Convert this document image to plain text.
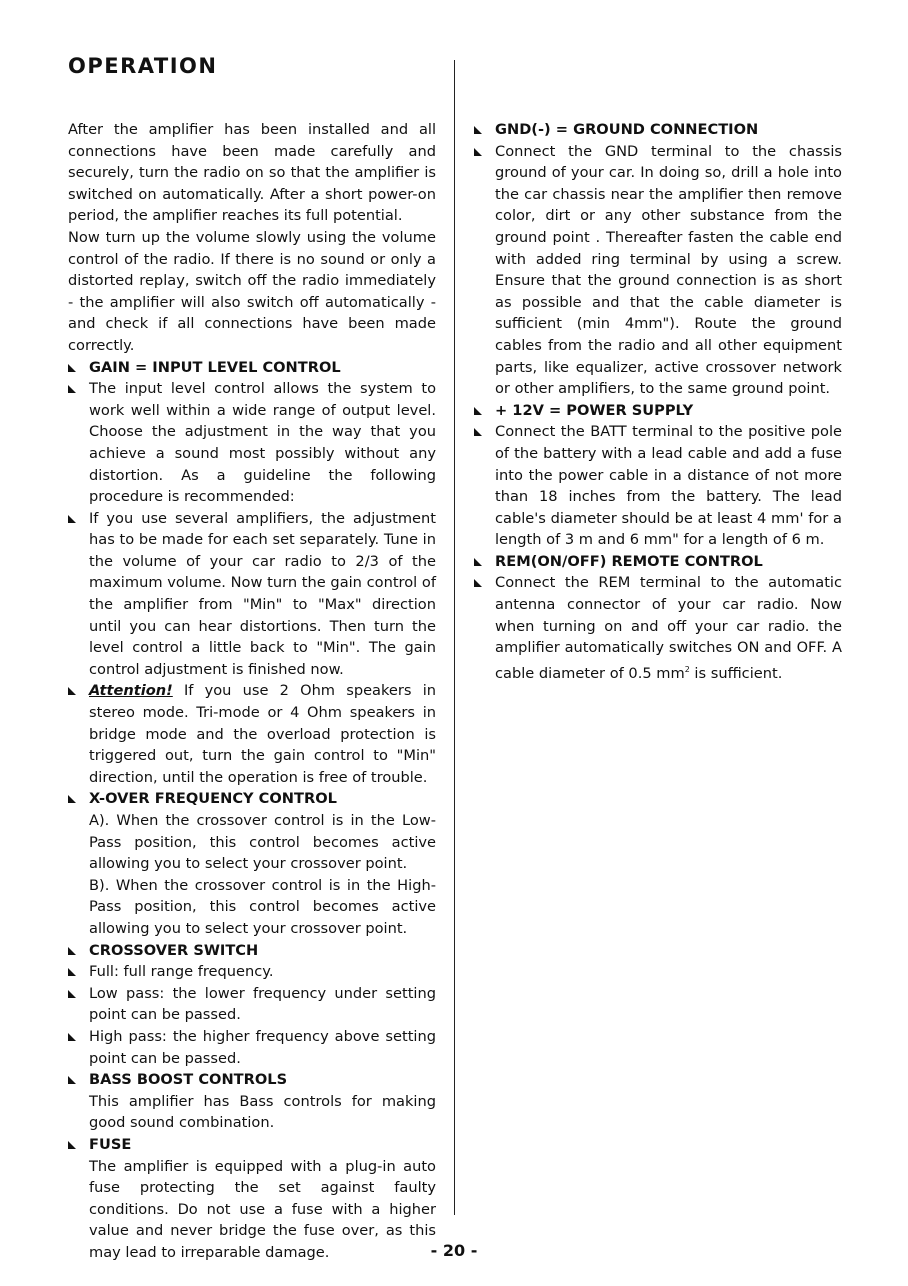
OPERATION

After the amplifier has been installed and all connections have been made carefully and securely, turn the radio on so that the amplifier is switched on automatically. After a short power-on period, the amplifier reaches its full potential.

Now turn up the volume slowly using the volume control of the radio. If there is no sound or only a distorted replay, switch off the radio immediately - the amplifier will also switch off automatically - and check if all connections have been made correctly.

GAIN = INPUT LEVEL CONTROL

The input level control allows the system to work well within a wide range of output level. Choose the adjustment in the way that you achieve a sound most possibly without any distortion. As a guideline the following procedure is recommended:

If you use several amplifiers, the adjustment has to be made for each set separately. Tune in the volume of your car radio to 2/3 of the maximum volume. Now turn the gain control of the amplifier from "Min" to "Max" direction until you can hear distortions. Then turn the level control a little back to "Min". The gain control adjustment is finished now.

Attention! If you use 2 Ohm speakers in stereo mode. Tri-mode or 4 Ohm speakers in bridge mode and the overload protection is triggered out, turn the gain control to "Min" direction, until the operation is free of trouble.

X-OVER FREQUENCY CONTROL

A). When the crossover control is in the Low-Pass position, this control becomes active allowing you to select your crossover point.

B). When the crossover control is in the High-Pass position, this control becomes active allowing you to select your crossover point.

CROSSOVER SWITCH

Full: full range frequency.

Low pass: the lower frequency under setting point can be passed.

High pass: the higher frequency above setting point can be passed.

BASS BOOST CONTROLS

This amplifier has Bass controls for making good sound combination.

FUSE

The amplifier is equipped with a plug-in auto fuse protecting the set against faulty conditions. Do not use a fuse with a higher value and never bridge the fuse over, as this may lead to irreparable damage.

GND(-) = GROUND CONNECTION

Connect the GND terminal to the chassis ground of your car. In doing so, drill a hole into the car chassis near the amplifier then remove color, dirt or any other substance from the ground point . Thereafter fasten the cable end with added ring terminal by using a screw. Ensure that the ground connection is as short as possible and that the cable diameter is sufficient (min 4mm"). Route the ground cables from the radio and all other equipment parts, like equalizer, active crossover network or other amplifiers, to the same ground point.

+ 12V = POWER SUPPLY

Connect the BATT terminal to the positive pole of the battery with a lead cable and add a fuse into the power cable in a distance of not more than 18 inches from the battery. The lead cable's diameter should be at least 4 mm' for a length of 3 m and 6 mm" for a length of 6 m.

REM(ON/OFF) REMOTE CONTROL

Connect the REM terminal to the automatic antenna connector of your car radio. Now when turning on and off your car radio. the amplifier automatically switches ON and OFF. A cable diameter of 0.5 $mm^2$ is sufficient.

- 20 -
